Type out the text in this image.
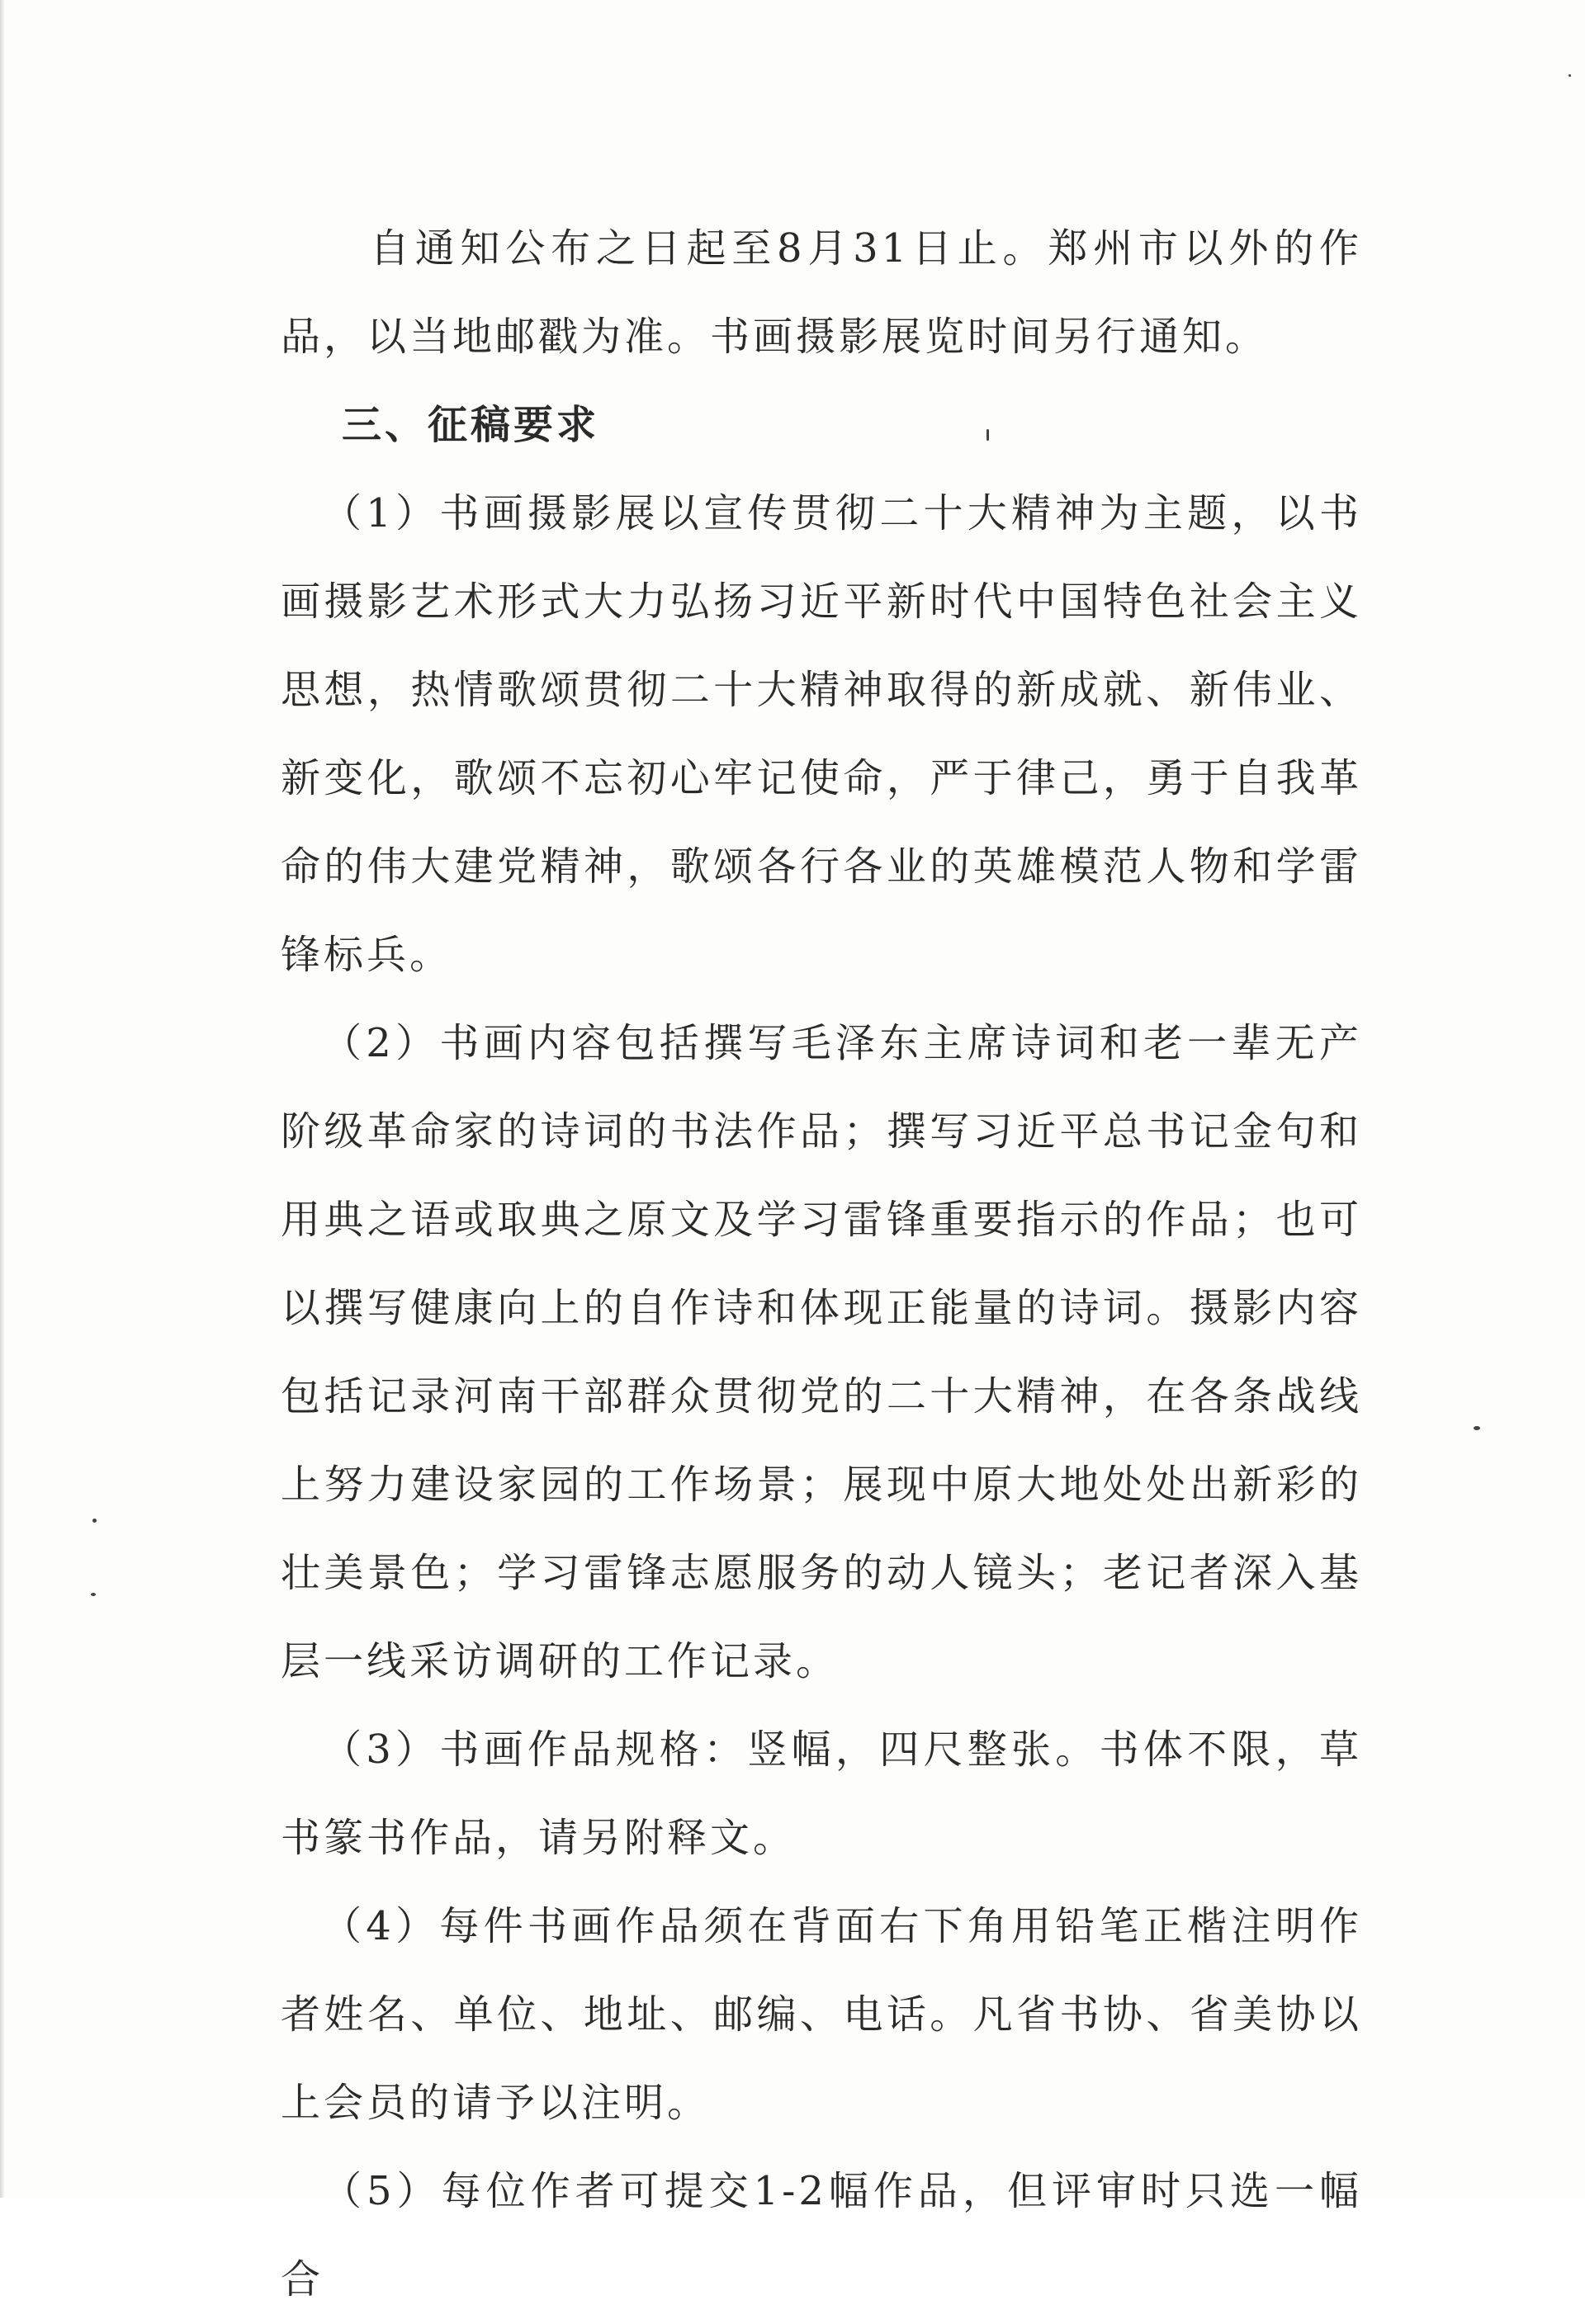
自通知公布之日起至8月31日止。郑州市以外的作品，以当地邮戳为准。书画摄影展览时间另行通知。

三、征稿要求

（1）书画摄影展以宣传贯彻二十大精神为主题，以书画摄影艺术形式大力弘扬习近平新时代中国特色社会主义思想，热情歌颂贯彻二十大精神取得的新成就、新伟业、新变化，歌颂不忘初心牢记使命，严于律己，勇于自我革命的伟大建党精神，歌颂各行各业的英雄模范人物和学雷锋标兵。

（2）书画内容包括撰写毛泽东主席诗词和老一辈无产阶级革命家的诗词的书法作品；撰写习近平总书记金句和用典之语或取典之原文及学习雷锋重要指示的作品；也可以撰写健康向上的自作诗和体现正能量的诗词。摄影内容包括记录河南干部群众贯彻党的二十大精神，在各条战线上努力建设家园的工作场景；展现中原大地处处出新彩的壮美景色；学习雷锋志愿服务的动人镜头；老记者深入基层一线采访调研的工作记录。

（3）书画作品规格：竖幅，四尺整张。书体不限，草书篆书作品，请另附释文。

（4）每件书画作品须在背面右下角用铅笔正楷注明作者姓名、单位、地址、邮编、电话。凡省书协、省美协以上会员的请予以注明。

（5）每位作者可提交1-2幅作品，但评审时只选一幅合
